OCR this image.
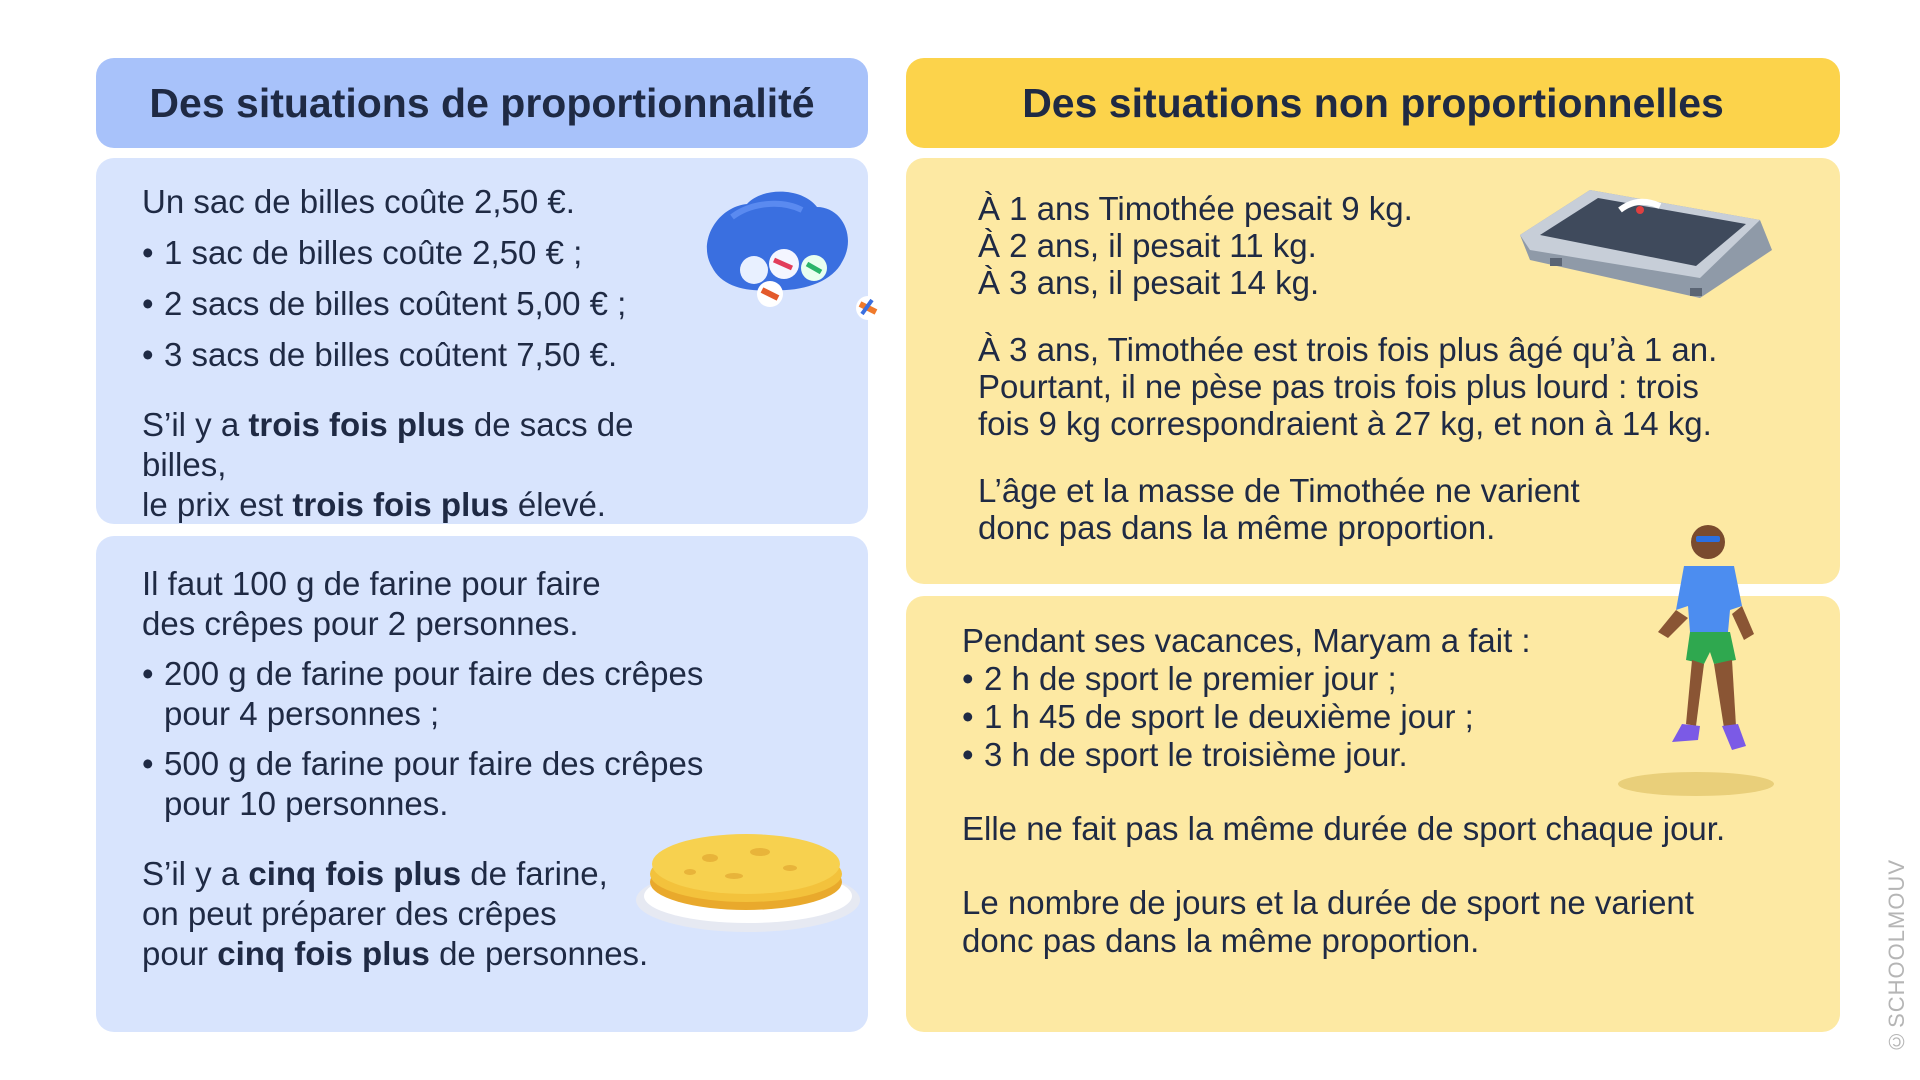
Des situations de proportionnalité	Des situations non proportionnelles

Un sac de billes coûte 2,50 €.

• 1 sac de billes coûte 2,50 € ;

• 2 sacs de billes coûtent 5,00 € ;

• 3 sacs de billes coûtent 7,50 €.

S’il y a trois fois plus de sacs de billes,

le prix est trois fois plus élevé.

Il faut 100 g de farine pour faire

des crêpes pour 2 personnes.

• 200 g de farine pour faire des crêpes
pour 4 personnes ;

• 500 g de farine pour faire des crêpes
pour 10 personnes.

S’il y a cinq fois plus de farine,

on peut préparer des crêpes

pour cinq fois plus de personnes.

À 1 ans Timothée pesait 9 kg.

À 2 ans, il pesait 11 kg.

À 3 ans, il pesait 14 kg.

À 3 ans, Timothée est trois fois plus âgé qu’à 1 an.

Pourtant, il ne pèse pas trois fois plus lourd : trois

fois 9 kg correspondraient à 27 kg, et non à 14 kg.

L’âge et la masse de Timothée ne varient

donc pas dans la même proportion.

Pendant ses vacances, Maryam a fait :

• 2 h de sport le premier jour ;

• 1 h 45 de sport le deuxième jour ;

• 3 h de sport le troisième jour.

Elle ne fait pas la même durée de sport chaque jour.

Le nombre de jours et la durée de sport ne varient

donc pas dans la même proportion.	©SCHOOLMOUV
